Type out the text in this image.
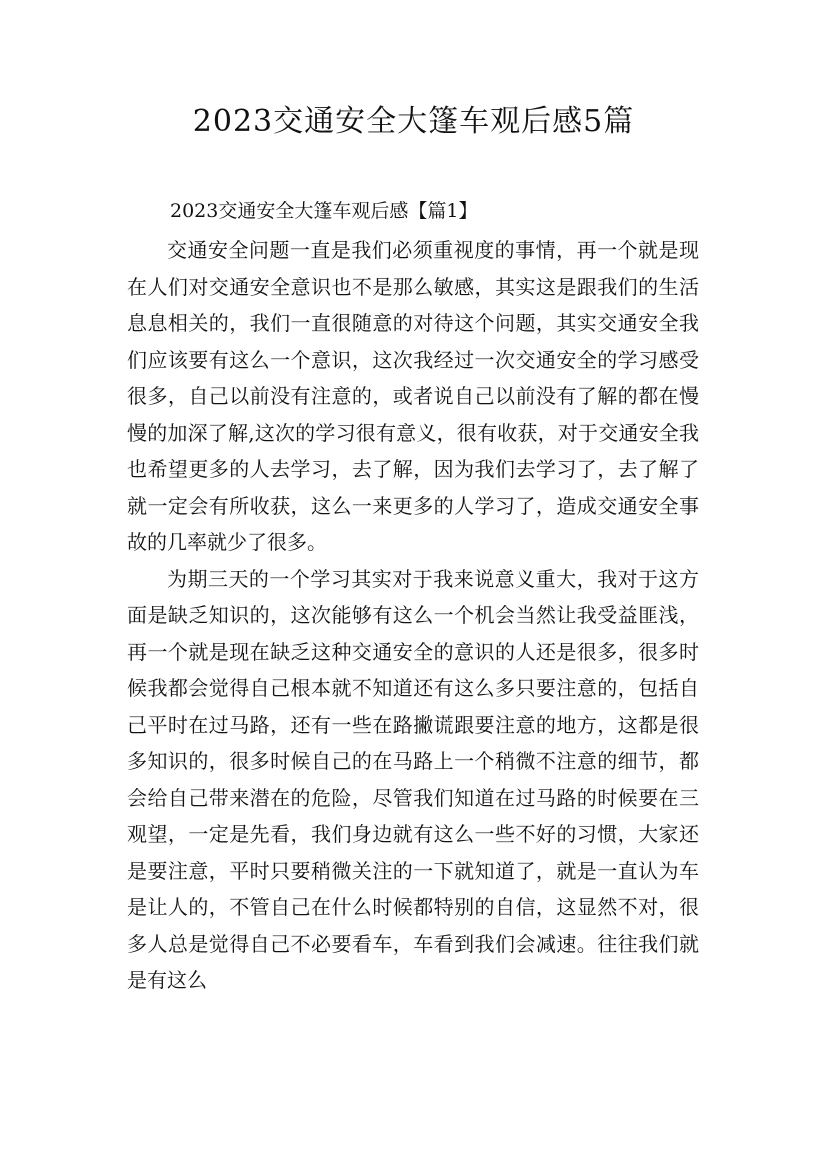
2023交通安全大篷车观后感5篇
2023交通安全大篷车观后感【篇1】

交通安全问题一直是我们必须重视度的事情，再一个就是现在人们对交通安全意识也不是那么敏感，其实这是跟我们的生活息息相关的，我们一直很随意的对待这个问题，其实交通安全我们应该要有这么一个意识，这次我经过一次交通安全的学习感受很多，自己以前没有注意的，或者说自己以前没有了解的都在慢慢的加深了解,这次的学习很有意义，很有收获，对于交通安全我也希望更多的人去学习，去了解，因为我们去学习了，去了解了就一定会有所收获，这么一来更多的人学习了，造成交通安全事故的几率就少了很多。

为期三天的一个学习其实对于我来说意义重大，我对于这方面是缺乏知识的，这次能够有这么一个机会当然让我受益匪浅，再一个就是现在缺乏这种交通安全的意识的人还是很多，很多时候我都会觉得自己根本就不知道还有这么多只要注意的，包括自己平时在过马路，还有一些在路撇谎跟要注意的地方，这都是很多知识的，很多时候自己的在马路上一个稍微不注意的细节，都会给自己带来潜在的危险，尽管我们知道在过马路的时候要在三观望，一定是先看，我们身边就有这么一些不好的习惯，大家还是要注意，平时只要稍微关注的一下就知道了，就是一直认为车是让人的，不管自己在什么时候都特别的自信，这显然不对，很多人总是觉得自己不必要看车，车看到我们会减速。往往我们就是有这么
